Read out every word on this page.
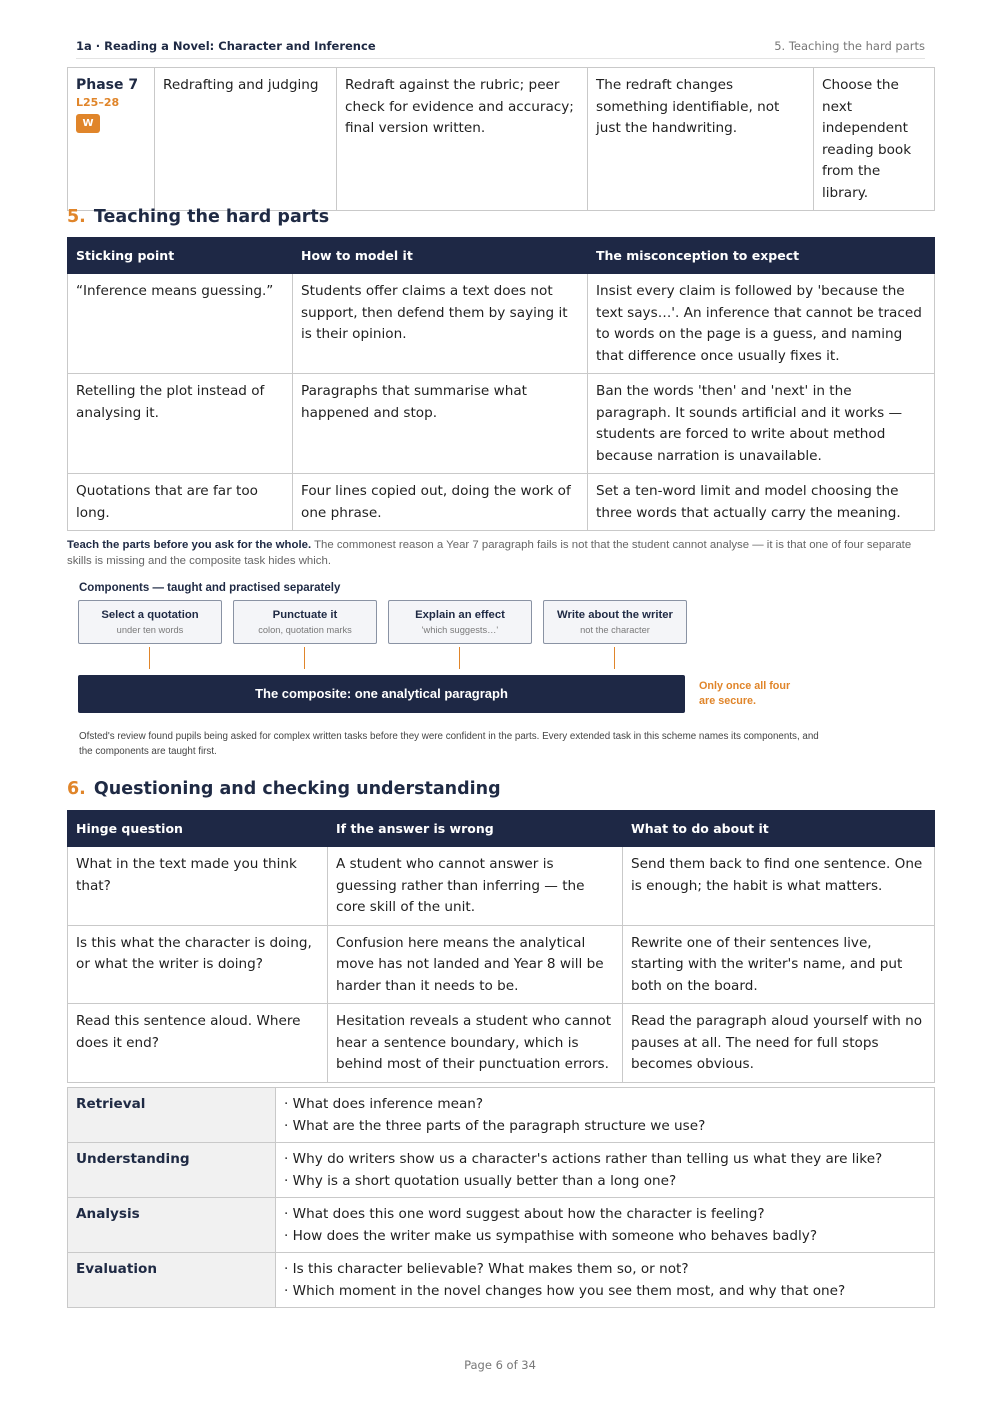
1a · Reading a Novel: Character and Inference	5. Teaching the hard parts
Phase 7
L25–28
W	Redrafting and judging	Redraft against the rubric; peer check for evidence and accuracy; final version written.	The redraft changes something identifiable, not just the handwriting.	Choose the next independent reading book from the library.
5. Teaching the hard parts
Sticking point	How to model it	The misconception to expect
“Inference means guessing.”	Students offer claims a text does not support, then defend them by saying it is their opinion.	Insist every claim is followed by 'because the text says…'. An inference that cannot be traced to words on the page is a guess, and naming that difference once usually fixes it.
Retelling the plot instead of analysing it.	Paragraphs that summarise what happened and stop.	Ban the words 'then' and 'next' in the paragraph. It sounds artificial and it works — students are forced to write about method because narration is unavailable.
Quotations that are far too long.	Four lines copied out, doing the work of one phrase.	Set a ten-word limit and model choosing the three words that actually carry the meaning.
Teach the parts before you ask for the whole. The commonest reason a Year 7 paragraph fails is not that the student cannot analyse — it is that one of four separate skills is missing and the composite task hides which.
Components — taught and practised separately
Select a quotation
under ten words
Punctuate it
colon, quotation marks
Explain an effect
'which suggests…'
Write about the writer
not the character
The composite: one analytical paragraph	Only once all four are secure.
Ofsted's review found pupils being asked for complex written tasks before they were confident in the parts. Every extended task in this scheme names its components, and the components are taught first.
6. Questioning and checking understanding
Hinge question	If the answer is wrong	What to do about it
What in the text made you think that?	A student who cannot answer is guessing rather than inferring — the core skill of the unit.	Send them back to find one sentence. One is enough; the habit is what matters.
Is this what the character is doing, or what the writer is doing?	Confusion here means the analytical move has not landed and Year 8 will be harder than it needs to be.	Rewrite one of their sentences live, starting with the writer's name, and put both on the board.
Read this sentence aloud. Where does it end?	Hesitation reveals a student who cannot hear a sentence boundary, which is behind most of their punctuation errors.	Read the paragraph aloud yourself with no pauses at all. The need for full stops becomes obvious.
Retrieval	· What does inference mean?
· What are the three parts of the paragraph structure we use?

Understanding	· Why do writers show us a character's actions rather than telling us what they are like?
· Why is a short quotation usually better than a long one?

Analysis	· What does this one word suggest about how the character is feeling?
· How does the writer make us sympathise with someone who behaves badly?

Evaluation	· Is this character believable? What makes them so, or not?
· Which moment in the novel changes how you see them most, and why that one?
Page 6 of 34
